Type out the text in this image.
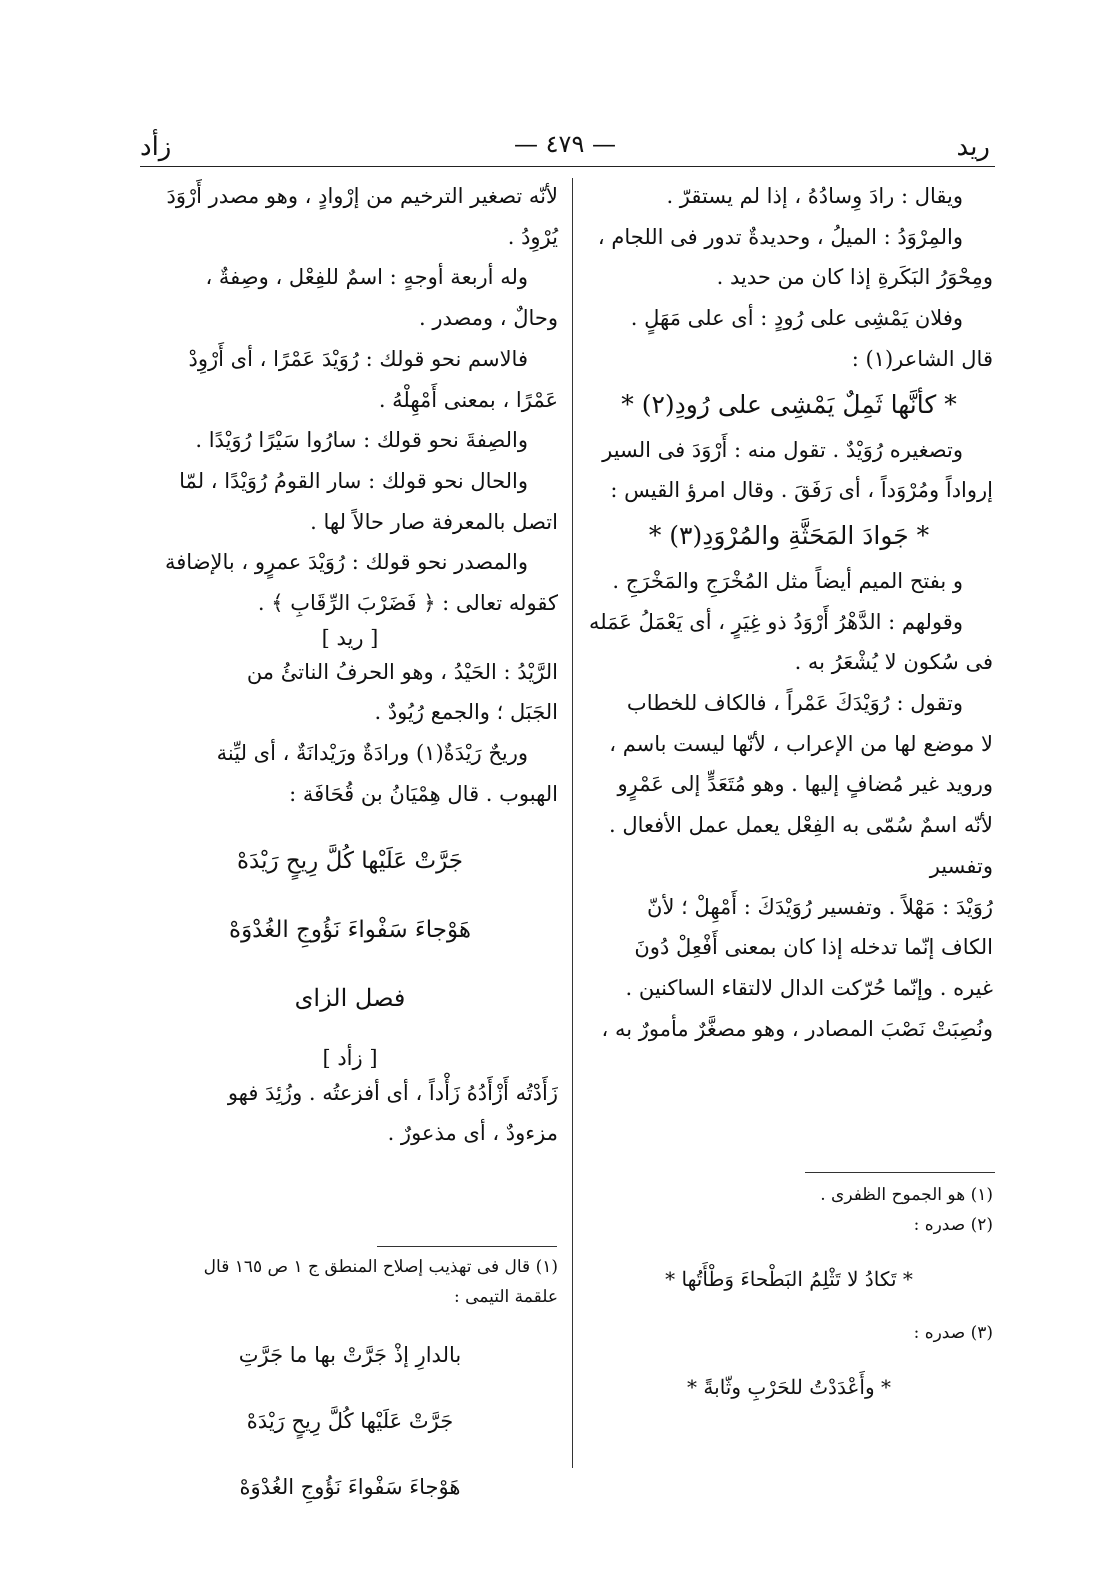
ريد
— ٤٧٩ —
زأد

ويقال : رادَ وِسادُهُ ، إذا لم يستقرّ .

والمِرْوَدُ : الميلُ ، وحديدةٌ تدور فى اللجام ،

ومِحْوَرُ البَكَرةِ إذا كان من حديد .

وفلان يَمْشِى على رُودٍ : أى على مَهَلٍ .

قال الشاعر(١) :

* كأنَّها ثَمِلٌ يَمْشِى على رُودِ(٢) *

وتصغيره رُوَيْدٌ . تقول منه : أَرْوَدَ فى السير

إرواداً ومُرْوَداً ، أى رَفَقَ . وقال امرؤ القيس :

* جَوادَ المَحَثَّةِ والمُرْوَدِ(٣) *

و بفتح الميم أيضاً مثل المُخْرَجِ والمَخْرَجِ .

وقولهم : الدَّهْرُ أَرْوَدُ ذو غِيَرٍ ، أى يَعْمَلُ عَمَله

فى سُكون لا يُشْعَرُ به .

وتقول : رُوَيْدَكَ عَمْراً ، فالكاف للخطاب

لا موضع لها من الإعراب ، لأنّها ليست باسم ،

ورويد غير مُضافٍ إليها . وهو مُتَعَدٍّ إلى عَمْرٍو

لأنّه اسمٌ سُمّى به الفِعْل يعمل عمل الأفعال . وتفسير

رُوَيْدَ : مَهْلاً . وتفسير رُوَيْدَكَ : أَمْهِلْ ؛ لأنّ

الكاف إنّما تدخله إذا كان بمعنى أَفْعِلْ دُونَ

غيره . وإنّما حُرّكت الدال لالتقاء الساكنين .

ونُصِبَتْ نَصْبَ المصادر ، وهو مصغَّرٌ مأمورٌ به ،

لأنّه تصغير الترخيم من إرْوادٍ ، وهو مصدر أَرْوَدَ

يُرْوِدُ .

وله أربعة أوجهٍ : اسمٌ للفِعْل ، وصِفةٌ ،

وحالٌ ، ومصدر .

فالاسم نحو قولك : رُوَيْدَ عَمْرًا ، أى أَرْوِدْ

عَمْرًا ، بمعنى أَمْهِلْهُ .

والصِفةَ نحو قولك : سارُوا سَيْرًا رُوَيْدًا .

والحال نحو قولك : سار القومُ رُوَيْدًا ، لمّا

اتصل بالمعرفة صار حالاً لها .

والمصدر نحو قولك : رُوَيْدَ عمرٍو ، بالإضافة

كقوله تعالى : ﴿ فَضَرْبَ الرِّقَابِ ﴾ .

[ ريد ]

الرَّيْدُ : الحَيْدُ ، وهو الحرفُ الناتئُ من

الجَبَل ؛ والجمع رُيُودٌ .

وريحٌ رَيْدَةٌ(١) ورادَةٌ ورَيْدانَةٌ ، أى ليِّنة

الهبوب . قال هِمْيَانُ بن قُحَافَة :

جَرَّتْ عَلَيْها كُلَّ رِيحٍ رَيْدَهْ

هَوْجاءَ سَفْواءَ نَؤُوجِ الغُدْوَهْ

فصل الزاى

[ زأد ]

زَأَدْتُه أَزْأَدُهُ زَأْداً ، أى أفزعتُه . وزُئِدَ فهو

مزءودٌ ، أى مذعورٌ .

(١) هو الجموح الظفرى .

(٢) صدره :

* تَكادُ لا تَثْلِمُ البَطْحاءَ وَطْأَتُها *

(٣) صدره :

* وأَعْدَدْتُ للحَرْبِ وثّابةً *

(١) قال فى تهذيب إصلاح المنطق ج ١ ص ١٦٥ قال

علقمة التيمى :

بالدارِ إذْ جَرَّتْ بها ما جَرَّتِ

جَرَّتْ عَلَيْها كُلَّ رِيحٍ رَيْدَهْ

هَوْجاءَ سَفْواءَ نَؤُوجِ الغُدْوَهْ
